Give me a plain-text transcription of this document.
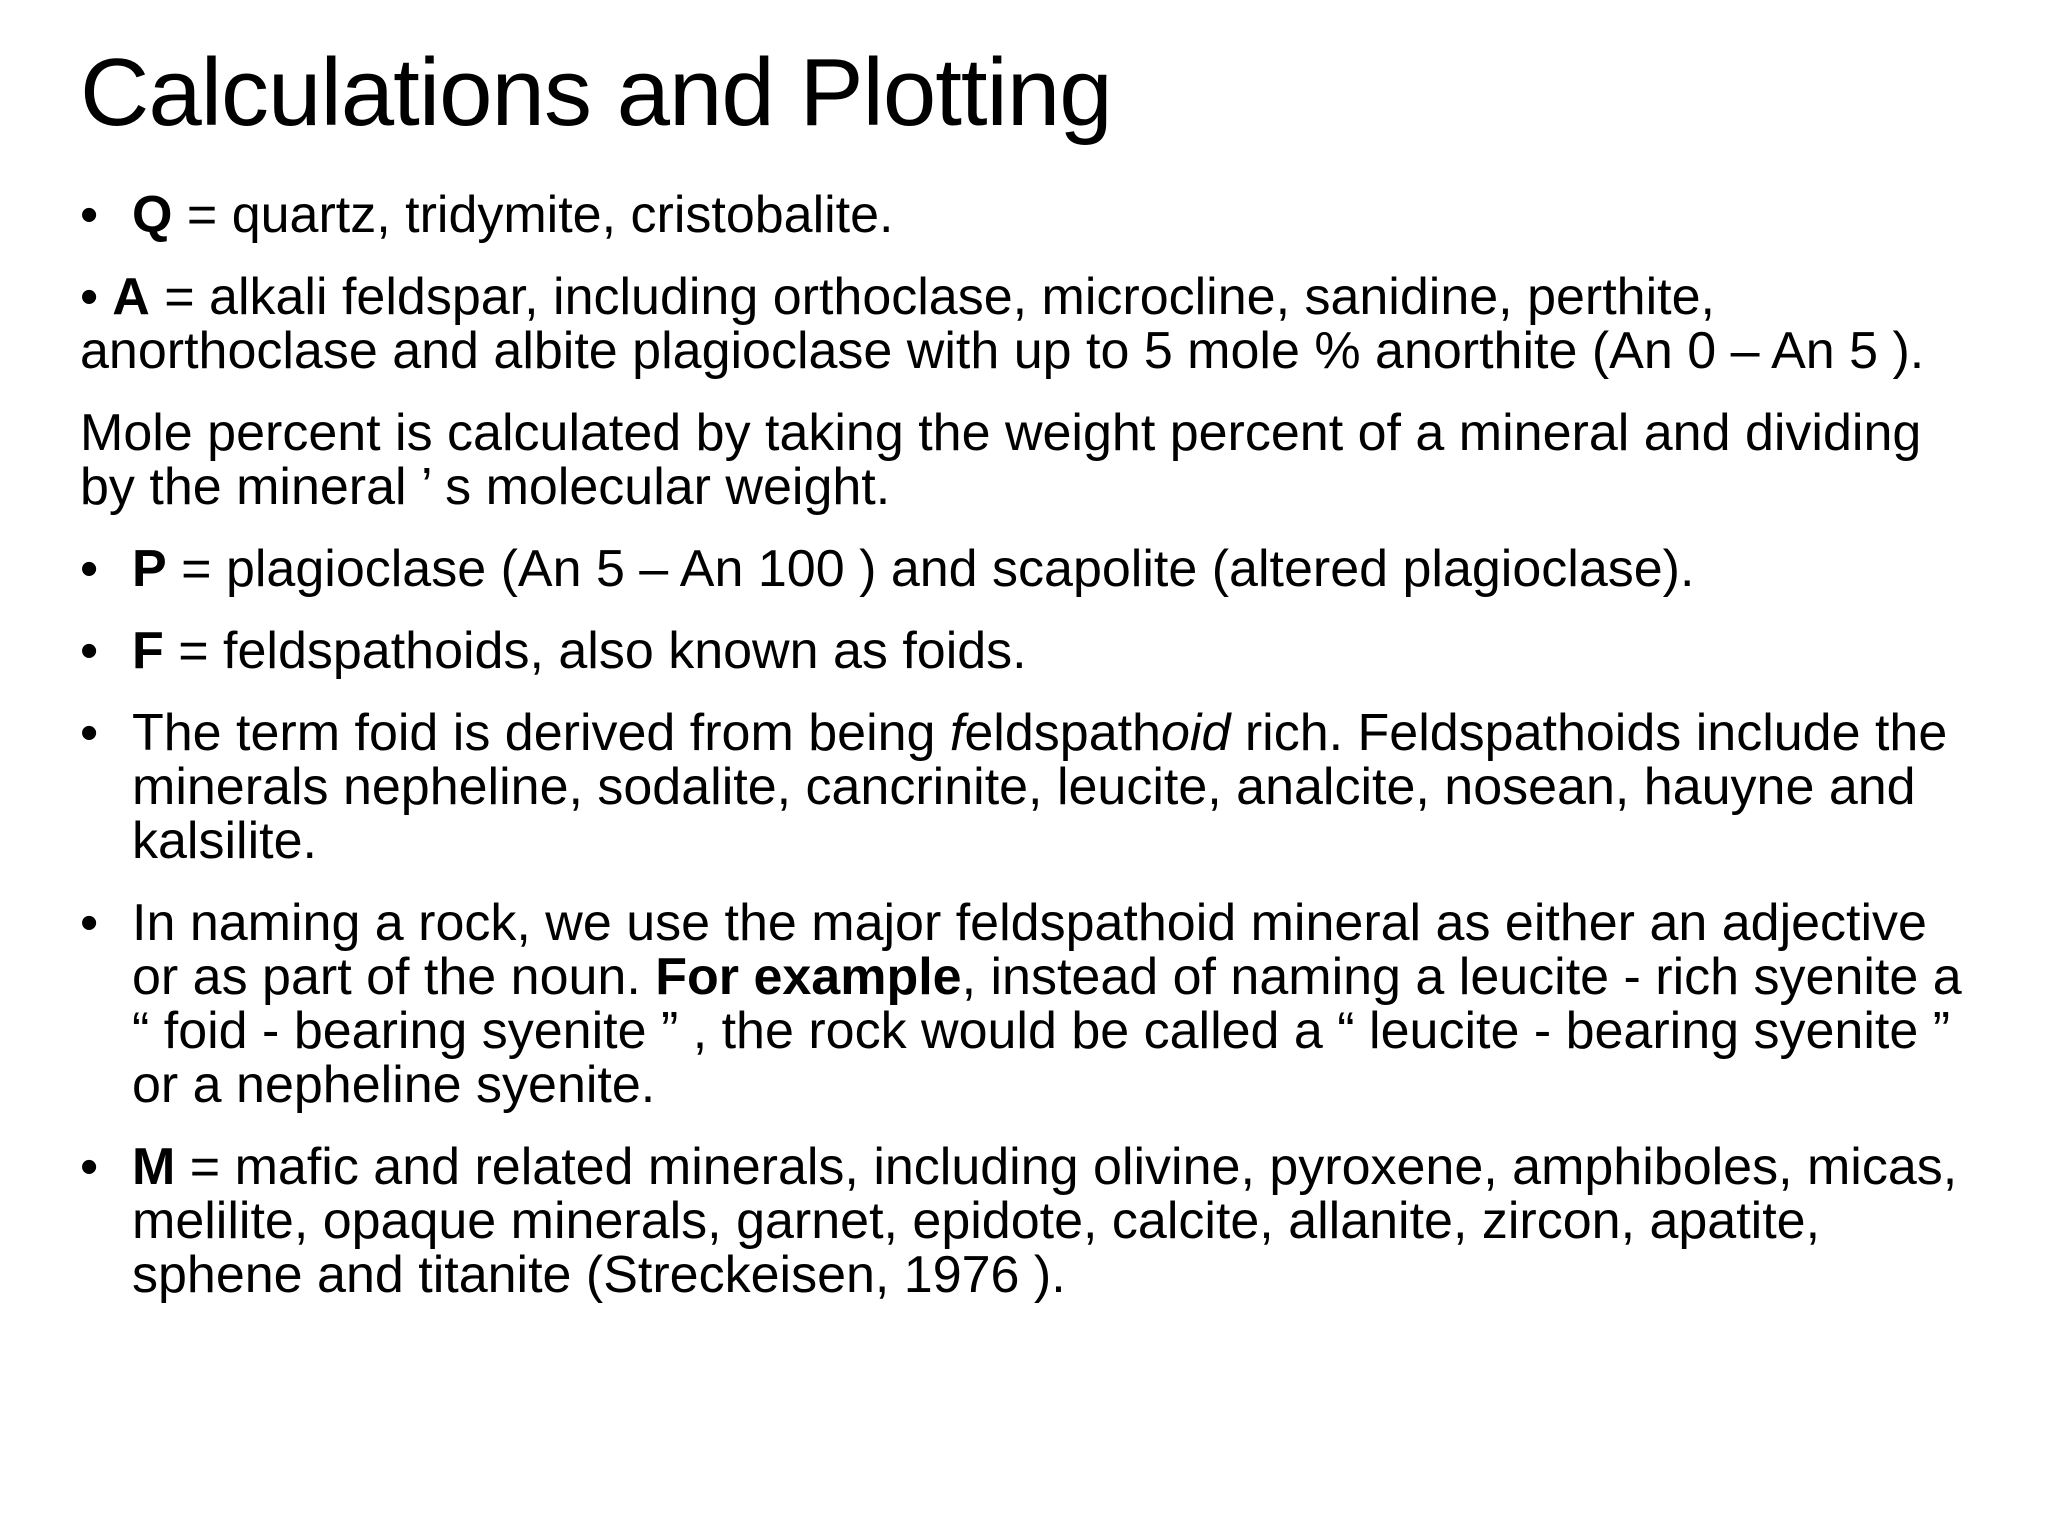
Calculations and Plotting
• Q = quartz, tridymite, cristobalite.
• A = alkali feldspar, including orthoclase, microcline, sanidine, perthite, anorthoclase and albite plagioclase with up to 5 mole % anorthite (An 0 – An 5 ).
Mole percent is calculated by taking the weight percent of a mineral and dividing by the mineral ’ s molecular weight.
• P = plagioclase (An 5 – An 100 ) and scapolite (altered plagioclase).
• F = feldspathoids, also known as foids.
• The term foid is derived from being feldspathoid rich. Feldspathoids include the minerals nepheline, sodalite, cancrinite, leucite, analcite, nosean, hauyne and kalsilite.
• In naming a rock, we use the major feldspathoid mineral as either an adjective or as part of the noun. For example, instead of naming a leucite - rich syenite a “ foid - bearing syenite ” , the rock would be called a “ leucite - bearing syenite ” or a nepheline syenite.
• M = mafic and related minerals, including olivine, pyroxene, amphiboles, micas, melilite, opaque minerals, garnet, epidote, calcite, allanite, zircon, apatite, sphene and titanite (Streckeisen, 1976 ).
